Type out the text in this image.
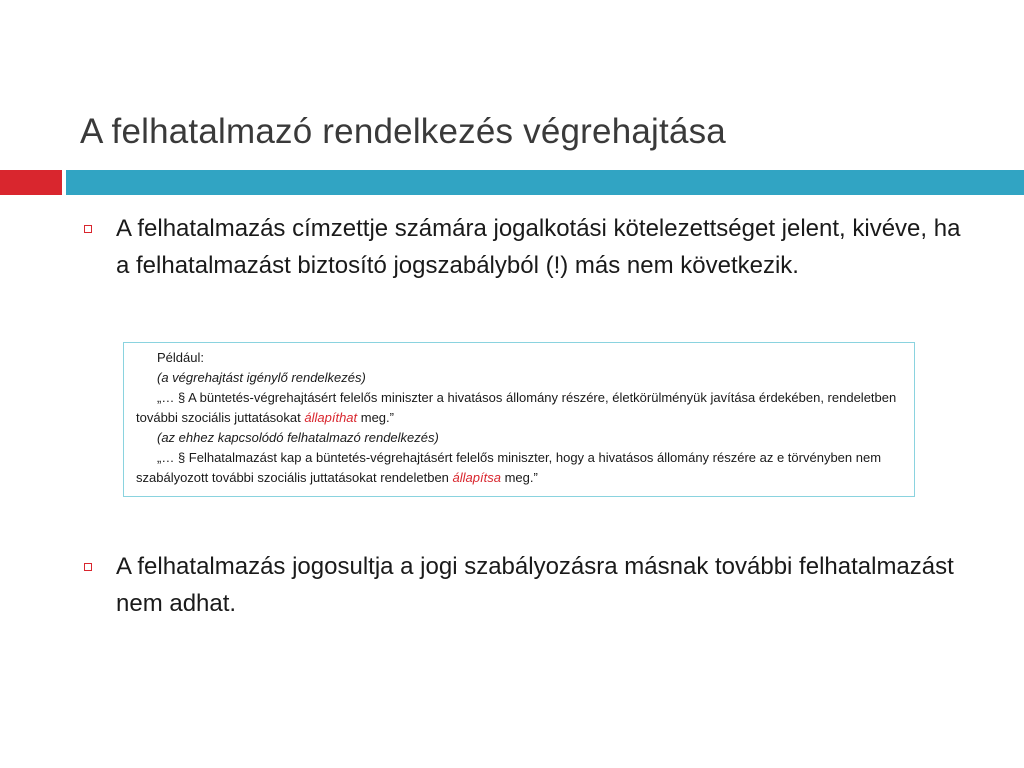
A felhatalmazó rendelkezés végrehajtása
A felhatalmazás címzettje számára jogalkotási kötelezettséget jelent, kivéve, ha a felhatalmazást biztosító jogszabályból (!) más nem következik.

Például:

(a végrehajtást igénylő rendelkezés)

„… § A büntetés-végrehajtásért felelős miniszter a hivatásos állomány részére, életkörülményük javítása érdekében, rendeletben további szociális juttatásokat állapíthat meg.”

(az ehhez kapcsolódó felhatalmazó rendelkezés)

„… § Felhatalmazást kap a büntetés-végrehajtásért felelős miniszter, hogy a hivatásos állomány részére az e törvényben nem szabályozott további szociális juttatásokat rendeletben állapítsa meg.”

A felhatalmazás jogosultja a jogi szabályozásra másnak további felhatalmazást nem adhat.
